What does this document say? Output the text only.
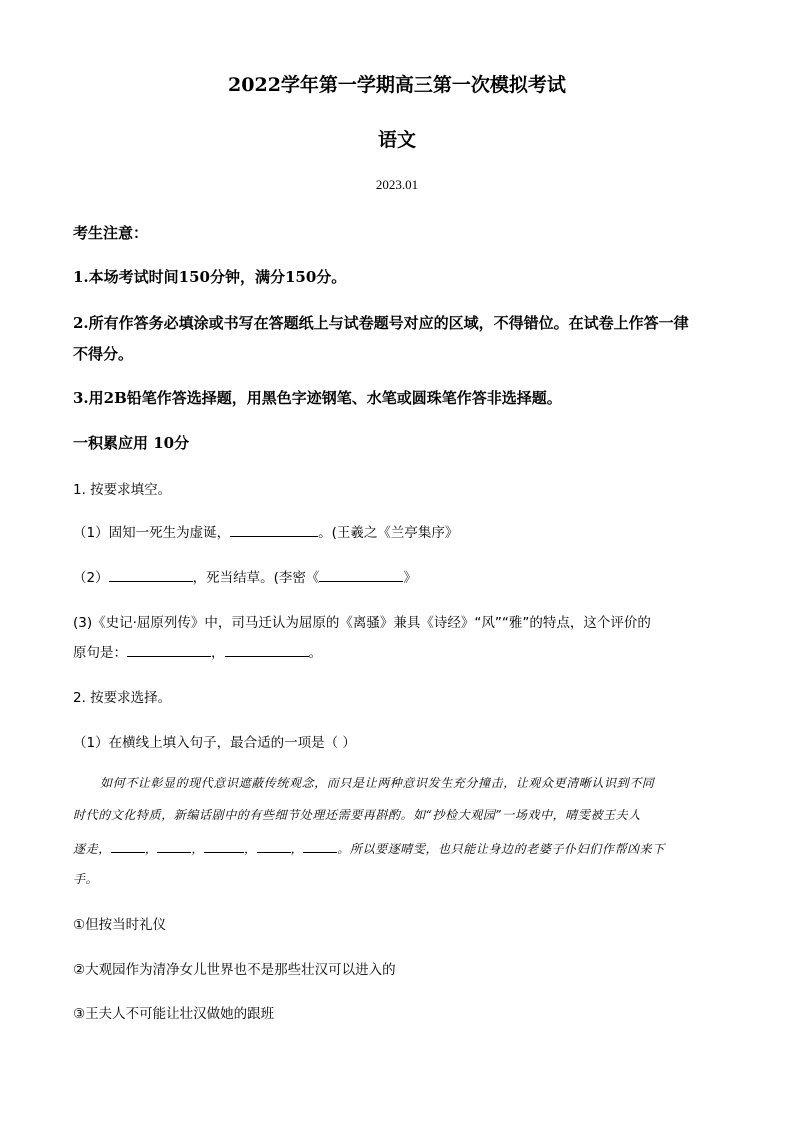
2022学年第一学期高三第一次模拟考试
语文
2023.01
考生注意：
1.本场考试时间150分钟，满分150分。
2.所有作答务必填涂或书写在答题纸上与试卷题号对应的区域，不得错位。在试卷上作答一律
不得分。
3.用2B铅笔作答选择题，用黑色字迹钢笔、水笔或圆珠笔作答非选择题。
一积累应用 10分
1. 按要求填空。
（1）固知一死生为虚诞，	。(王羲之《兰亭集序》
（2）	，死当结草。(李密《	》
(3)《史记·屈原列传》中，司马迁认为屈原的《离骚》兼具《诗经》“风”“雅”的特点，这个评价的
原句是：	，	。
2. 按要求选择。
（1）在横线上填入句子，最合适的一项是（ ）
如何不让彰显的现代意识遮蔽传统观念，而只是让两种意识发生充分撞击，让观众更清晰认识到不同
时代的文化特质，新编话剧中的有些细节处理还需要再斟酌。如“抄检大观园”一场戏中，晴雯被王夫人
逐走，	，	，	，	，	。所以要逐晴雯，也只能让身边的老婆子仆妇们作帮凶来下
手。
①但按当时礼仪
②大观园作为清净女儿世界也不是那些壮汉可以进入的
③王夫人不可能让壮汉做她的跟班
